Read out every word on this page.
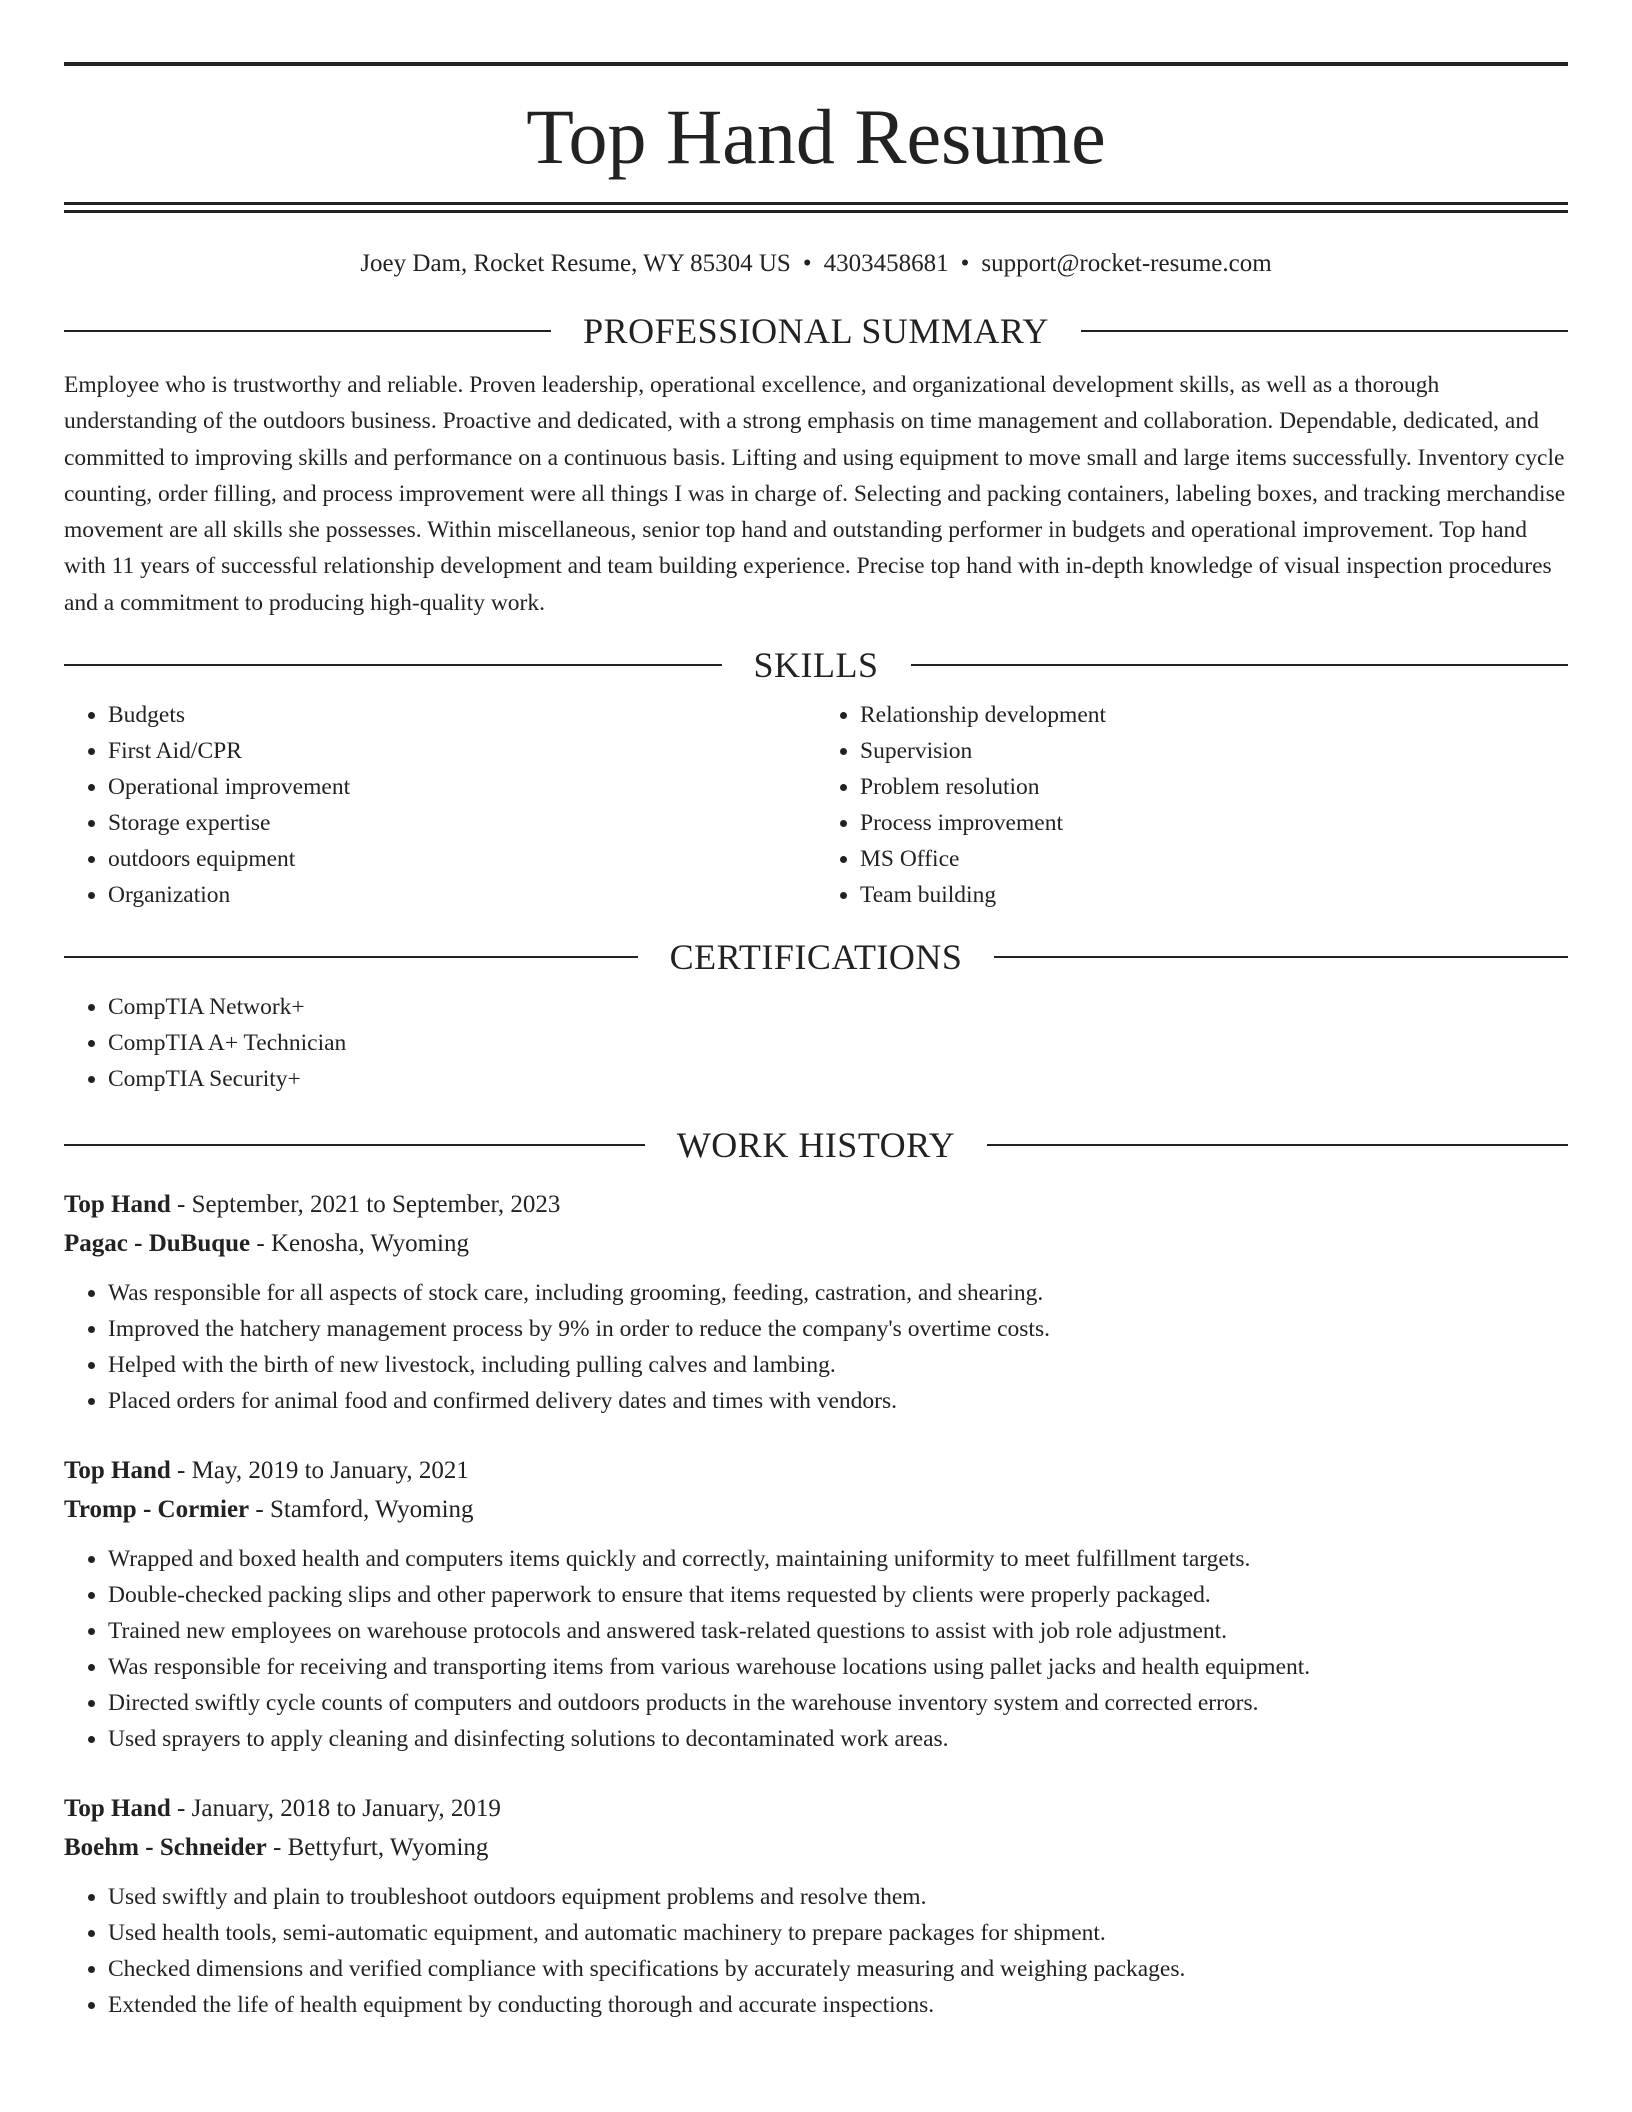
Top Hand Resume
Joey Dam, Rocket Resume, WY 85304 US • 4303458681 • support@rocket-resume.com
PROFESSIONAL SUMMARY

Employee who is trustworthy and reliable. Proven leadership, operational excellence, and organizational development skills, as well as a thorough understanding of the outdoors business. Proactive and dedicated, with a strong emphasis on time management and collaboration. Dependable, dedicated, and committed to improving skills and performance on a continuous basis. Lifting and using equipment to move small and large items successfully. Inventory cycle counting, order filling, and process improvement were all things I was in charge of. Selecting and packing containers, labeling boxes, and tracking merchandise movement are all skills she possesses. Within miscellaneous, senior top hand and outstanding performer in budgets and operational improvement. Top hand with 11 years of successful relationship development and team building experience. Precise top hand with in-depth knowledge of visual inspection procedures and a commitment to producing high-quality work.

SKILLS
• Budgets
• First Aid/CPR
• Operational improvement
• Storage expertise
• outdoors equipment
• Organization
• Relationship development
• Supervision
• Problem resolution
• Process improvement
• MS Office
• Team building
CERTIFICATIONS
• CompTIA Network+
• CompTIA A+ Technician
• CompTIA Security+
WORK HISTORY
Top Hand - September, 2021 to September, 2023
Pagac - DuBuque - Kenosha, Wyoming
• Was responsible for all aspects of stock care, including grooming, feeding, castration, and shearing.
• Improved the hatchery management process by 9% in order to reduce the company's overtime costs.
• Helped with the birth of new livestock, including pulling calves and lambing.
• Placed orders for animal food and confirmed delivery dates and times with vendors.
Top Hand - May, 2019 to January, 2021
Tromp - Cormier - Stamford, Wyoming
• Wrapped and boxed health and computers items quickly and correctly, maintaining uniformity to meet fulfillment targets.
• Double-checked packing slips and other paperwork to ensure that items requested by clients were properly packaged.
• Trained new employees on warehouse protocols and answered task-related questions to assist with job role adjustment.
• Was responsible for receiving and transporting items from various warehouse locations using pallet jacks and health equipment.
• Directed swiftly cycle counts of computers and outdoors products in the warehouse inventory system and corrected errors.
• Used sprayers to apply cleaning and disinfecting solutions to decontaminated work areas.
Top Hand - January, 2018 to January, 2019
Boehm - Schneider - Bettyfurt, Wyoming
• Used swiftly and plain to troubleshoot outdoors equipment problems and resolve them.
• Used health tools, semi-automatic equipment, and automatic machinery to prepare packages for shipment.
• Checked dimensions and verified compliance with specifications by accurately measuring and weighing packages.
• Extended the life of health equipment by conducting thorough and accurate inspections.
